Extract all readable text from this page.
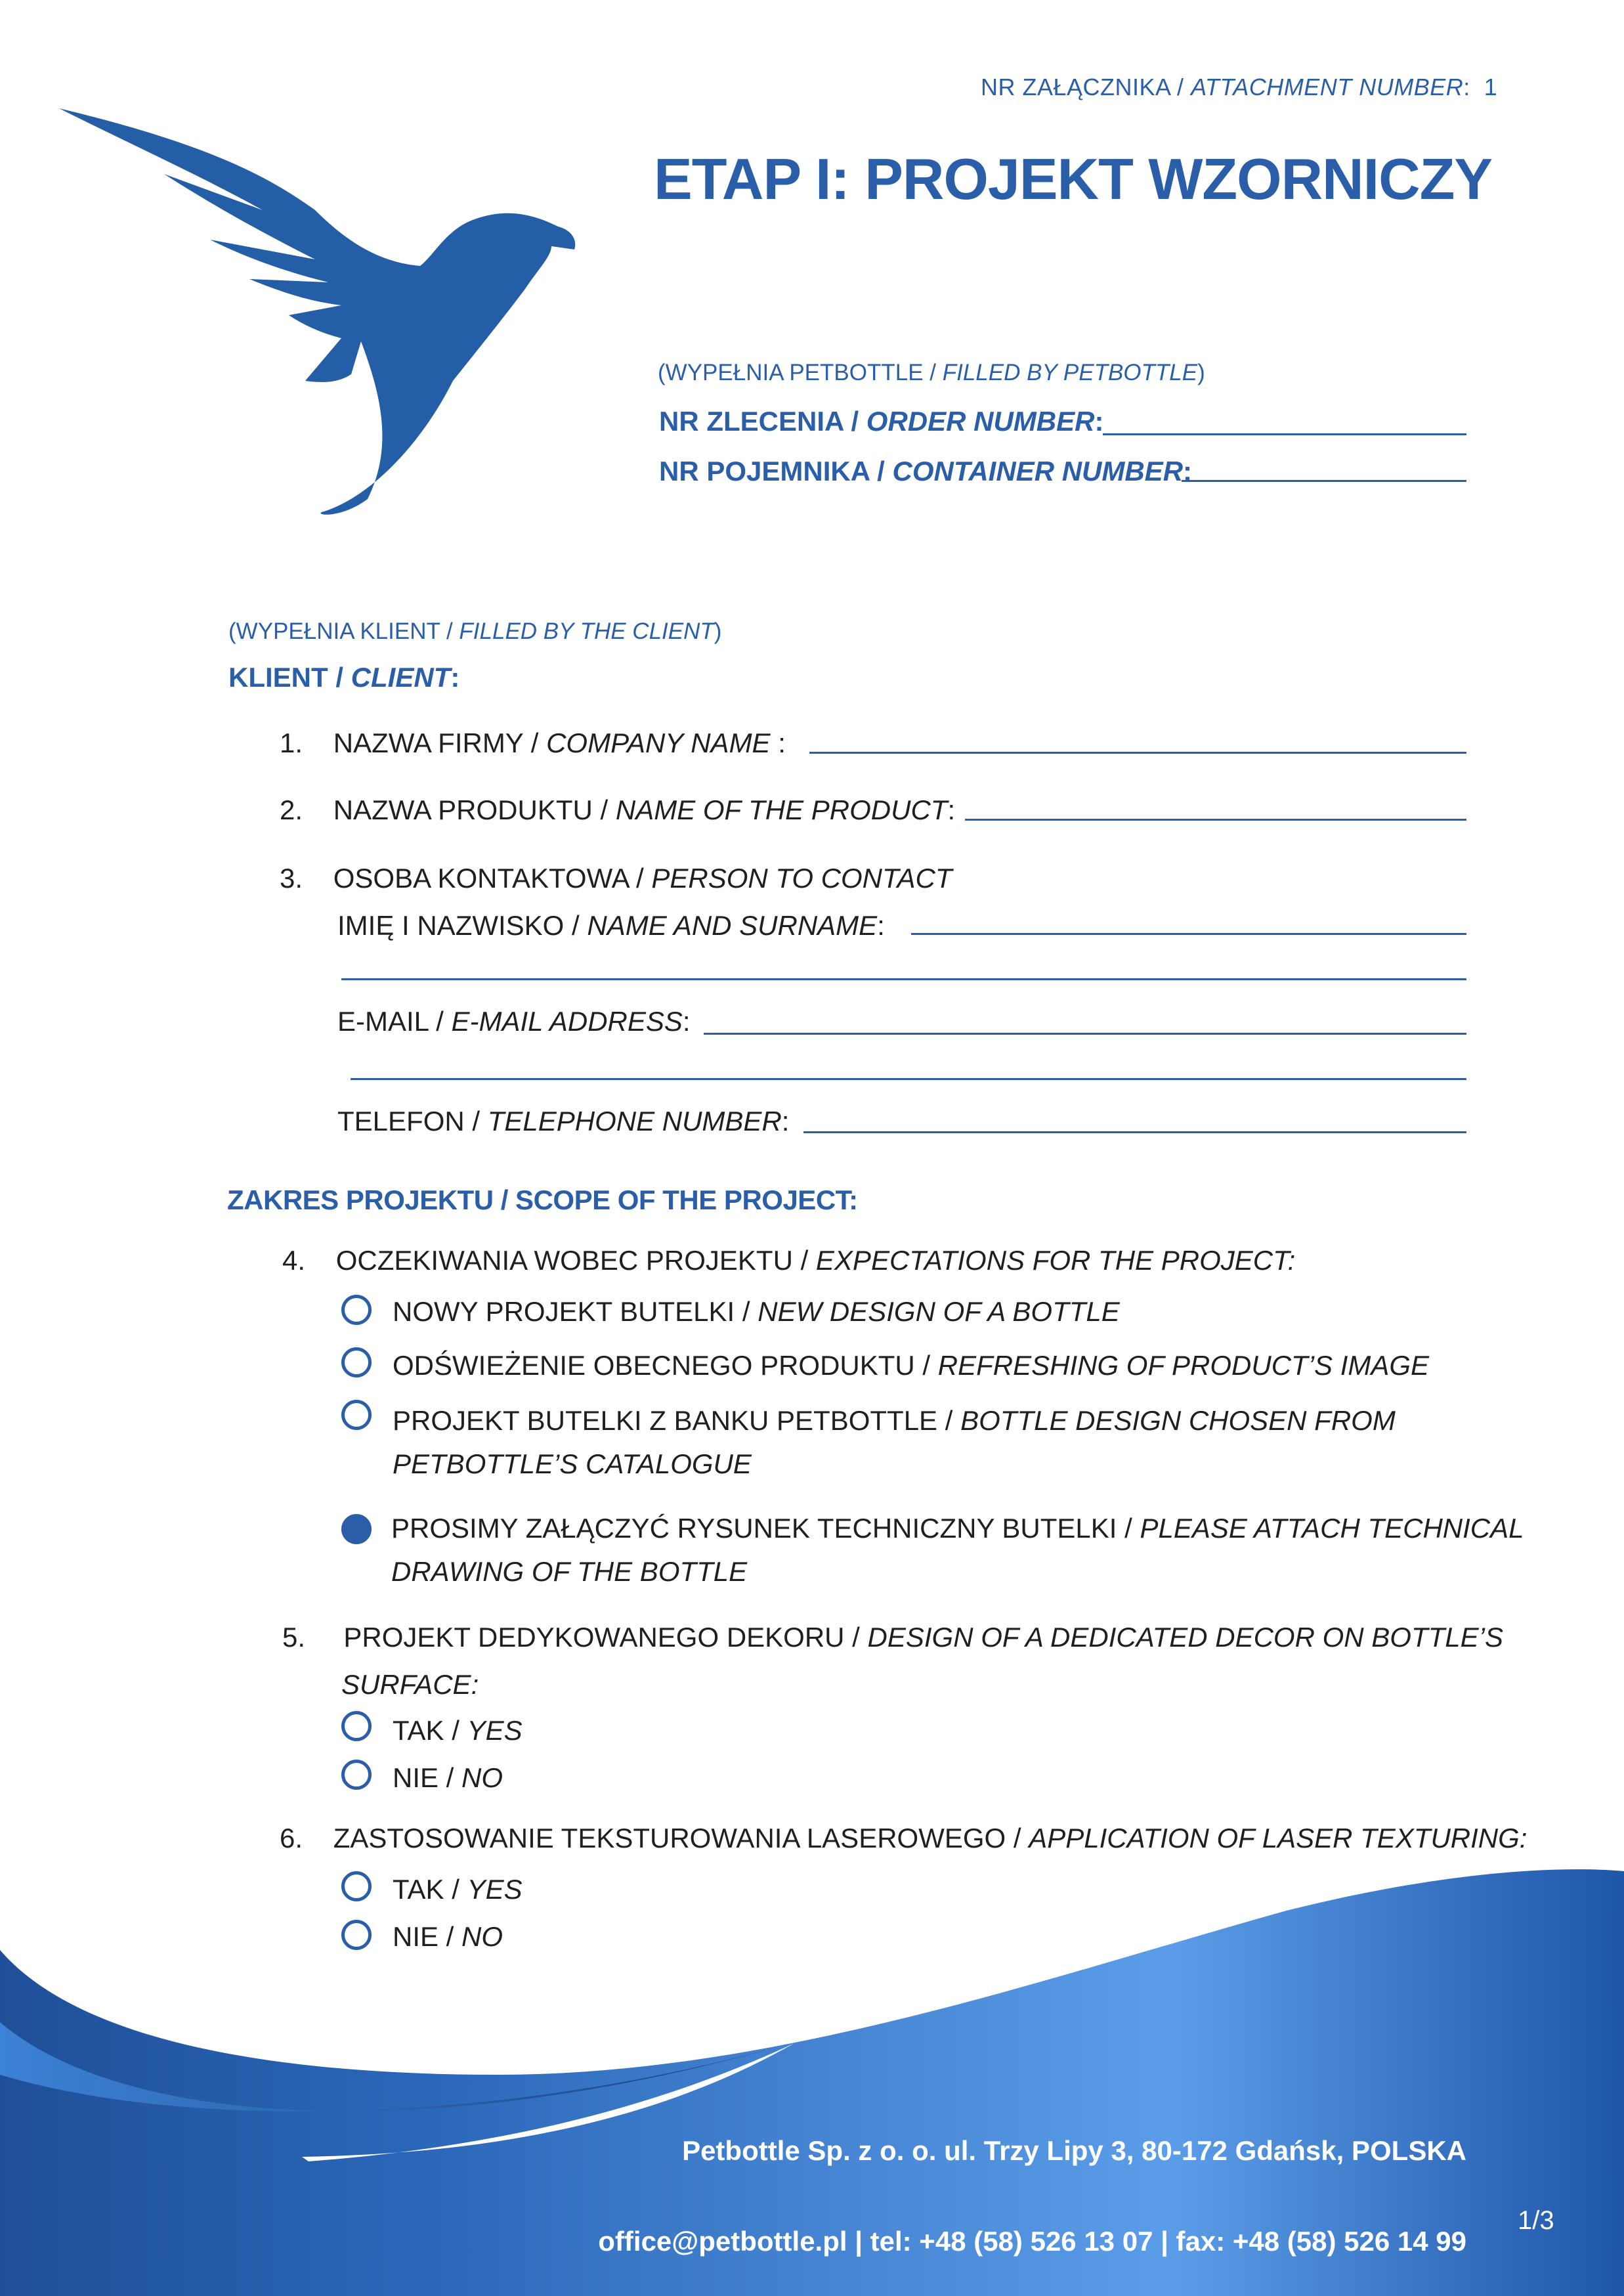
NR ZAŁĄCZNIKA / ATTACHMENT NUMBER:  1
ETAP I: PROJEKT WZORNICZY
(WYPEŁNIA PETBOTTLE / FILLED BY PETBOTTLE)
NR ZLECENIA / ORDER NUMBER:
NR POJEMNIKA / CONTAINER NUMBER:
(WYPEŁNIA KLIENT / FILLED BY THE CLIENT)
KLIENT / CLIENT:
1. NAZWA FIRMY / COMPANY NAME :
2. NAZWA PRODUKTU / NAME OF THE PRODUCT:
3. OSOBA KONTAKTOWA / PERSON TO CONTACT
IMIĘ I NAZWISKO / NAME AND SURNAME:
E-MAIL / E-MAIL ADDRESS:
TELEFON / TELEPHONE NUMBER:
ZAKRES PROJEKTU / SCOPE OF THE PROJECT:
4. OCZEKIWANIA WOBEC PROJEKTU / EXPECTATIONS FOR THE PROJECT:
NOWY PROJEKT BUTELKI / NEW DESIGN OF A BOTTLE
ODŚWIEŻENIE OBECNEGO PRODUKTU / REFRESHING OF PRODUCT’S IMAGE
PROJEKT BUTELKI Z BANKU PETBOTTLE / BOTTLE DESIGN CHOSEN FROM
PETBOTTLE’S CATALOGUE
PROSIMY ZAŁĄCZYĆ RYSUNEK TECHNICZNY BUTELKI / PLEASE ATTACH TECHNICAL
DRAWING OF THE BOTTLE
5. PROJEKT DEDYKOWANEGO DEKORU / DESIGN OF A DEDICATED DECOR ON BOTTLE’S
SURFACE:
TAK / YES
NIE / NO
6. ZASTOSOWANIE TEKSTUROWANIA LASEROWEGO / APPLICATION OF LASER TEXTURING:
TAK / YES
NIE / NO
Petbottle Sp. z o. o. ul. Trzy Lipy 3, 80-172 Gdańsk, POLSKA
office@petbottle.pl | tel: +48 (58) 526 13 07 | fax: +48 (58) 526 14 99
1/3
